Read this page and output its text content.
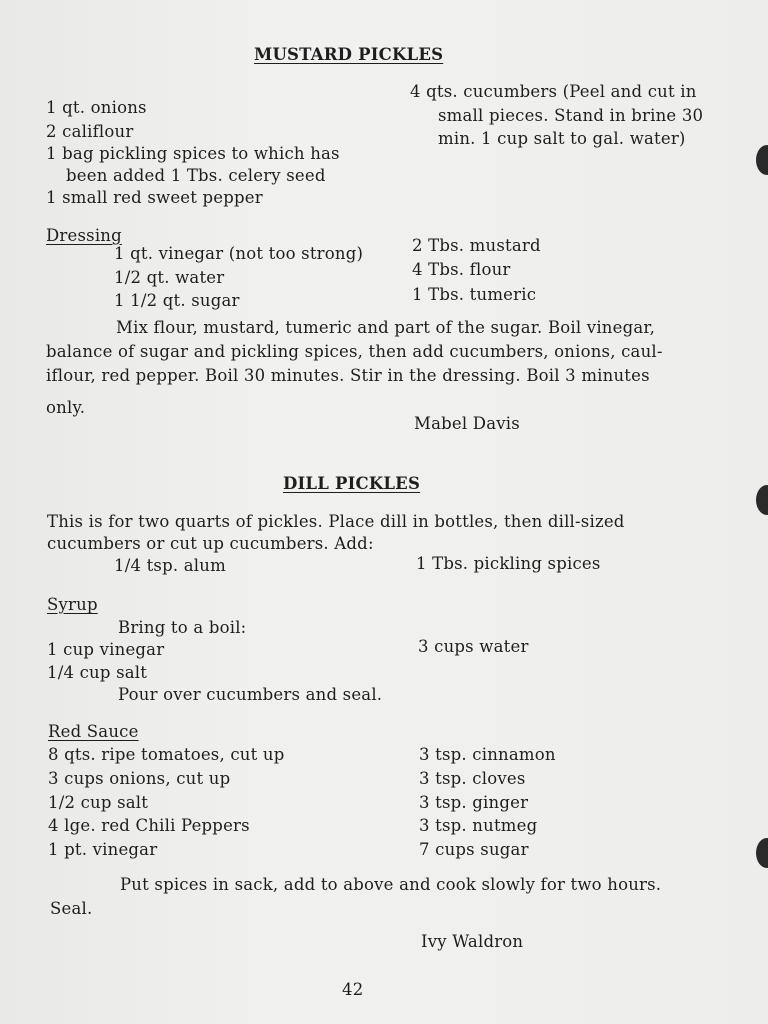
MUSTARD PICKLES
1 qt. onions
2 califlour
1 bag pickling spices to which has
been added 1 Tbs. celery seed
1 small red sweet pepper
4 qts. cucumbers (Peel and cut in
small pieces. Stand in brine 30
min. 1 cup salt to gal. water)
Dressing
1 qt. vinegar (not too strong)
1/2 qt. water
1 1/2 qt. sugar
2 Tbs. mustard
4 Tbs. flour
1 Tbs. tumeric
Mix flour, mustard, tumeric and part of the sugar. Boil vinegar,
balance of sugar and pickling spices, then add cucumbers, onions, caul-
iflour, red pepper. Boil 30 minutes. Stir in the dressing. Boil 3 minutes
only.
Mabel Davis
DILL PICKLES
This is for two quarts of pickles. Place dill in bottles, then dill-sized
cucumbers or cut up cucumbers. Add:
1/4 tsp. alum	1 Tbs. pickling spices
Syrup
Bring to a boil:
1 cup vinegar
1/4 cup salt
3 cups water
Pour over cucumbers and seal.
Red Sauce
8 qts. ripe tomatoes, cut up
3 cups onions, cut up
1/2 cup salt
4 lge. red Chili Peppers
1 pt. vinegar
3 tsp. cinnamon
3 tsp. cloves
3 tsp. ginger
3 tsp. nutmeg
7 cups sugar
Put spices in sack, add to above and cook slowly for two hours.
Seal.
Ivy Waldron
42
